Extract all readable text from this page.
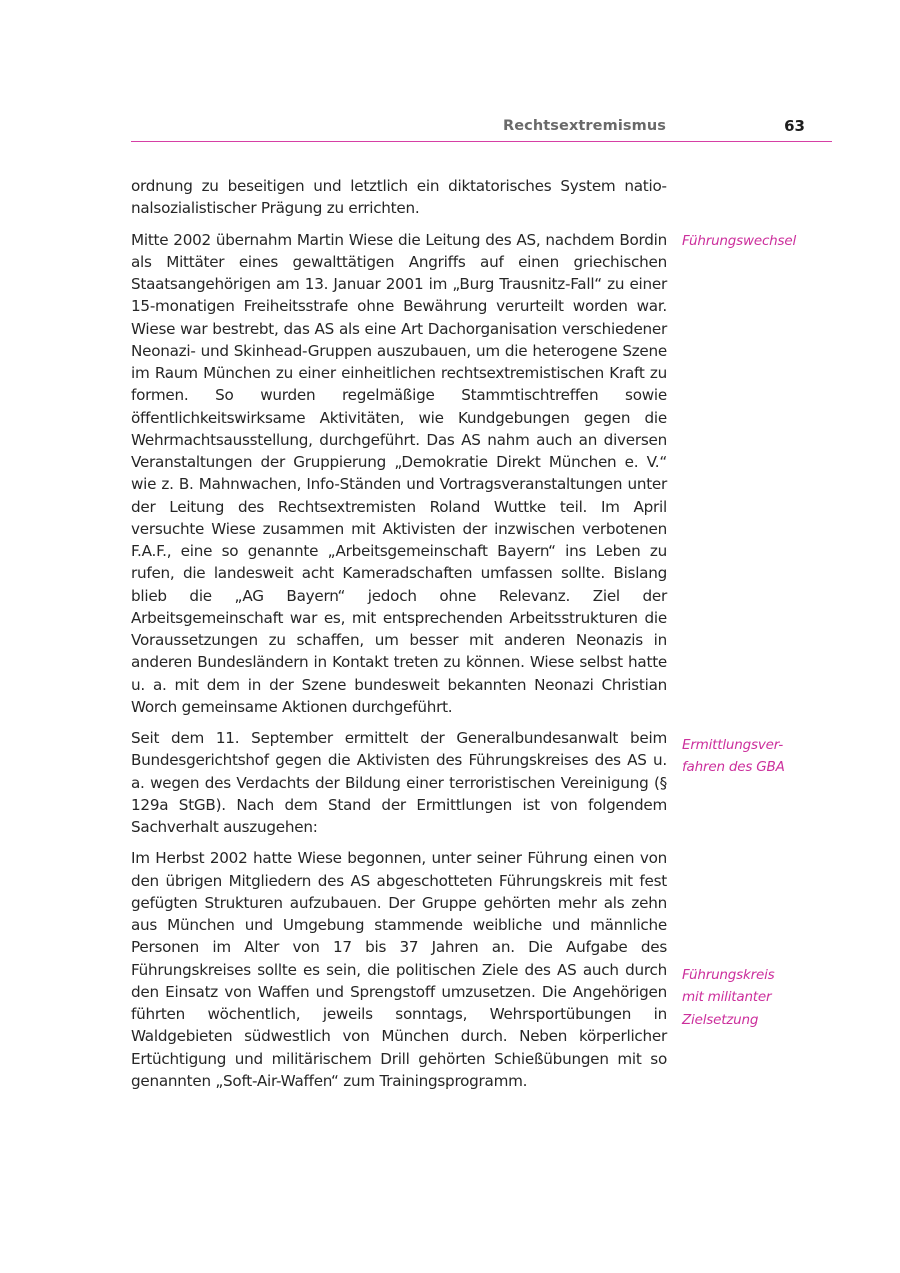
Rechtsextremismus	63

ordnung zu beseitigen und letztlich ein diktatorisches System nationalsozialistischer Prägung zu errichten.

Mitte 2002 übernahm Martin Wiese die Leitung des AS, nachdem Bordin als Mittäter eines gewalttätigen Angriffs auf einen griechischen Staatsangehörigen am 13. Januar 2001 im „Burg Trausnitz-Fall“ zu einer 15-monatigen Freiheitsstrafe ohne Bewährung verurteilt worden war. Wiese war bestrebt, das AS als eine Art Dachorganisation verschiedener Neonazi- und Skinhead-Gruppen auszubauen, um die heterogene Szene im Raum München zu einer einheitlichen rechtsextremistischen Kraft zu formen. So wurden regelmäßige Stammtischtreffen sowie öffentlichkeitswirksame Aktivitäten, wie Kundgebungen gegen die Wehrmachtsausstellung, durchgeführt. Das AS nahm auch an diversen Veranstaltungen der Gruppierung „Demokratie Direkt München e. V.“ wie z. B. Mahnwachen, Info-Ständen und Vortragsveranstaltungen unter der Leitung des Rechtsextremisten Roland Wuttke teil. Im April versuchte Wiese zusammen mit Aktivisten der inzwischen verbotenen F.A.F., eine so genannte „Arbeitsgemeinschaft Bayern“ ins Leben zu rufen, die landesweit acht Kameradschaften umfassen sollte. Bislang blieb die „AG Bayern“ jedoch ohne Relevanz. Ziel der Arbeitsgemeinschaft war es, mit entsprechenden Arbeitsstrukturen die Voraussetzungen zu schaffen, um besser mit anderen Neonazis in anderen Bundesländern in Kontakt treten zu können. Wiese selbst hatte u. a. mit dem in der Szene bundesweit bekannten Neonazi Christian Worch gemeinsame Aktionen durchgeführt.

Seit dem 11. September ermittelt der Generalbundesanwalt beim Bundesgerichtshof gegen die Aktivisten des Führungskreises des AS u. a. wegen des Verdachts der Bildung einer terroristischen Vereinigung (§ 129a StGB). Nach dem Stand der Ermittlungen ist von folgendem Sachverhalt auszugehen:

Im Herbst 2002 hatte Wiese begonnen, unter seiner Führung einen von den übrigen Mitgliedern des AS abgeschotteten Führungskreis mit fest gefügten Strukturen aufzubauen. Der Gruppe gehörten mehr als zehn aus München und Umgebung stammende weibliche und männliche Personen im Alter von 17 bis 37 Jahren an. Die Aufgabe des Führungskreises sollte es sein, die politischen Ziele des AS auch durch den Einsatz von Waffen und Sprengstoff umzusetzen. Die Angehörigen führten wöchentlich, jeweils sonntags, Wehrsportübungen in Waldgebieten südwestlich von München durch. Neben körperlicher Ertüchtigung und militärischem Drill gehörten Schießübungen mit so genannten „Soft-Air-Waffen“ zum Trainingsprogramm.

Führungswechsel
Ermittlungsver-
fahren des GBA
Führungskreis
mit militanter
Zielsetzung
